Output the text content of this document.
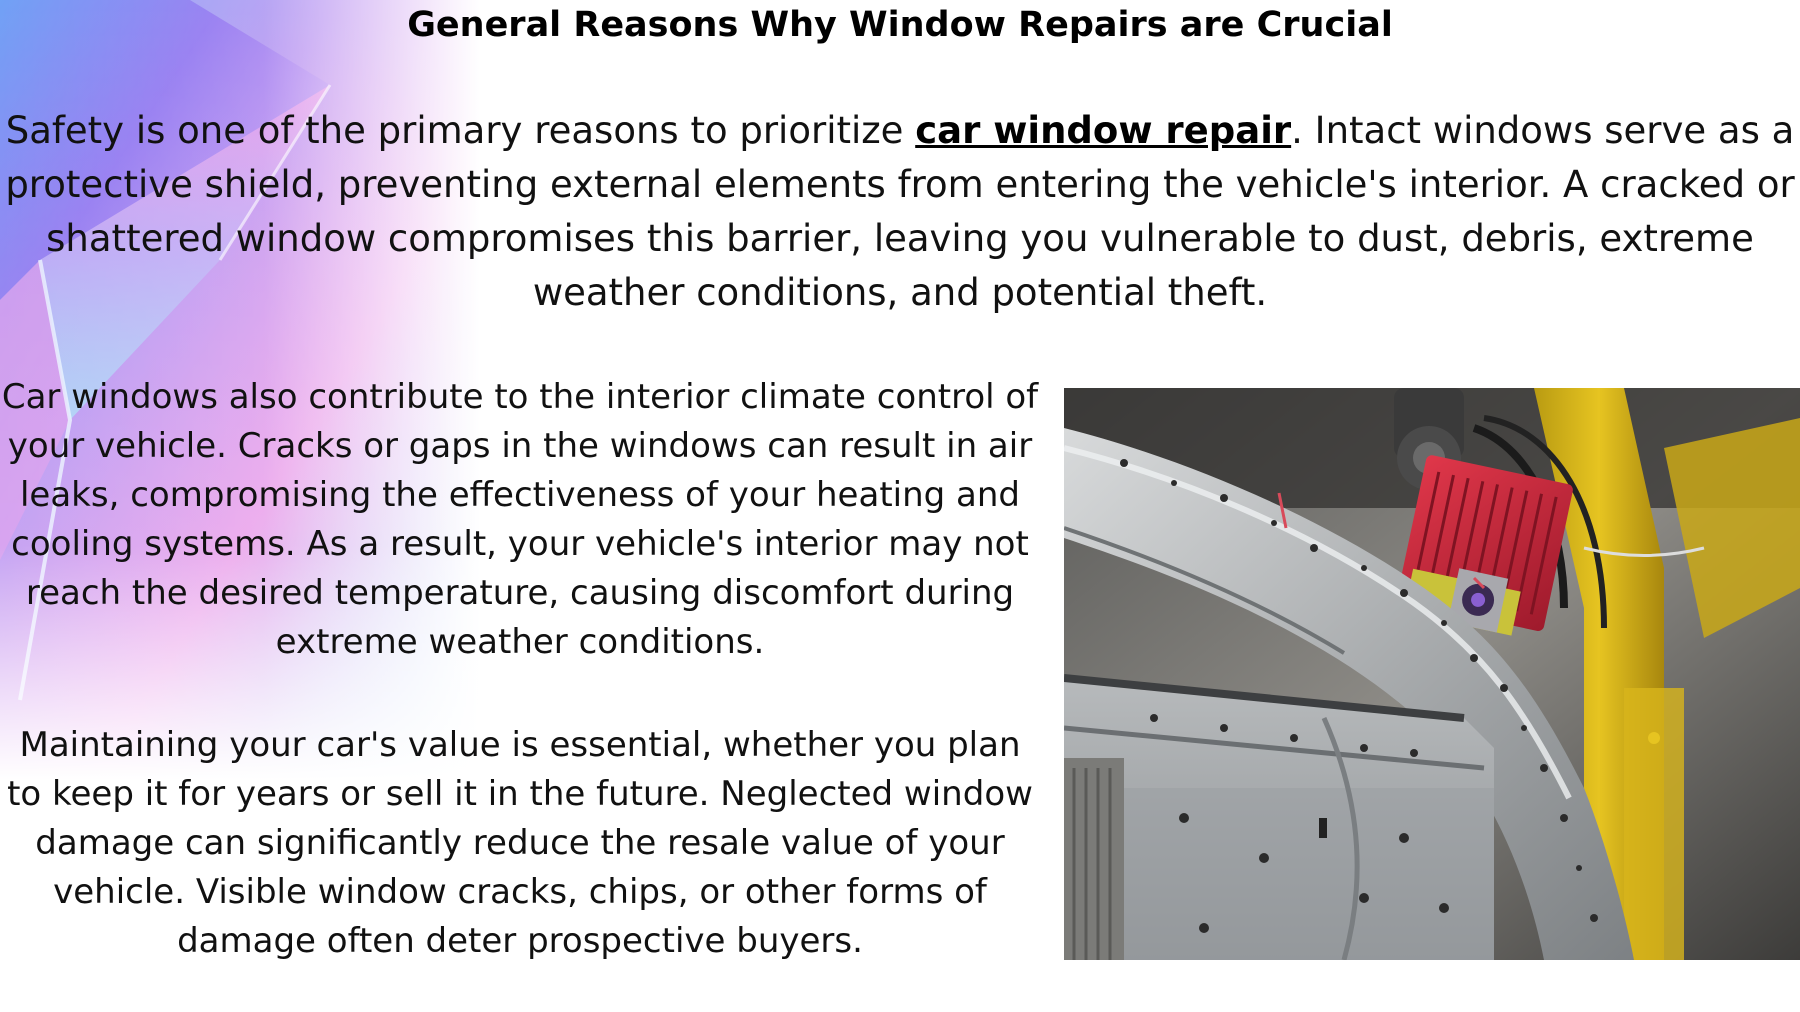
General Reasons Why Window Repairs are Crucial

Safety is one of the primary reasons to prioritize car window repair. Intact windows serve as a protective shield, preventing external elements from entering the vehicle's interior. A cracked or shattered window compromises this barrier, leaving you vulnerable to dust, debris, extreme weather conditions, and potential theft.

Car windows also contribute to the interior climate control of your vehicle. Cracks or gaps in the windows can result in air leaks, compromising the effectiveness of your heating and cooling systems. As a result, your vehicle's interior may not reach the desired temperature, causing discomfort during extreme weather conditions.

Maintaining your car's value is essential, whether you plan to keep it for years or sell it in the future. Neglected window damage can significantly reduce the resale value of your vehicle. Visible window cracks, chips, or other forms of damage often deter prospective buyers.
